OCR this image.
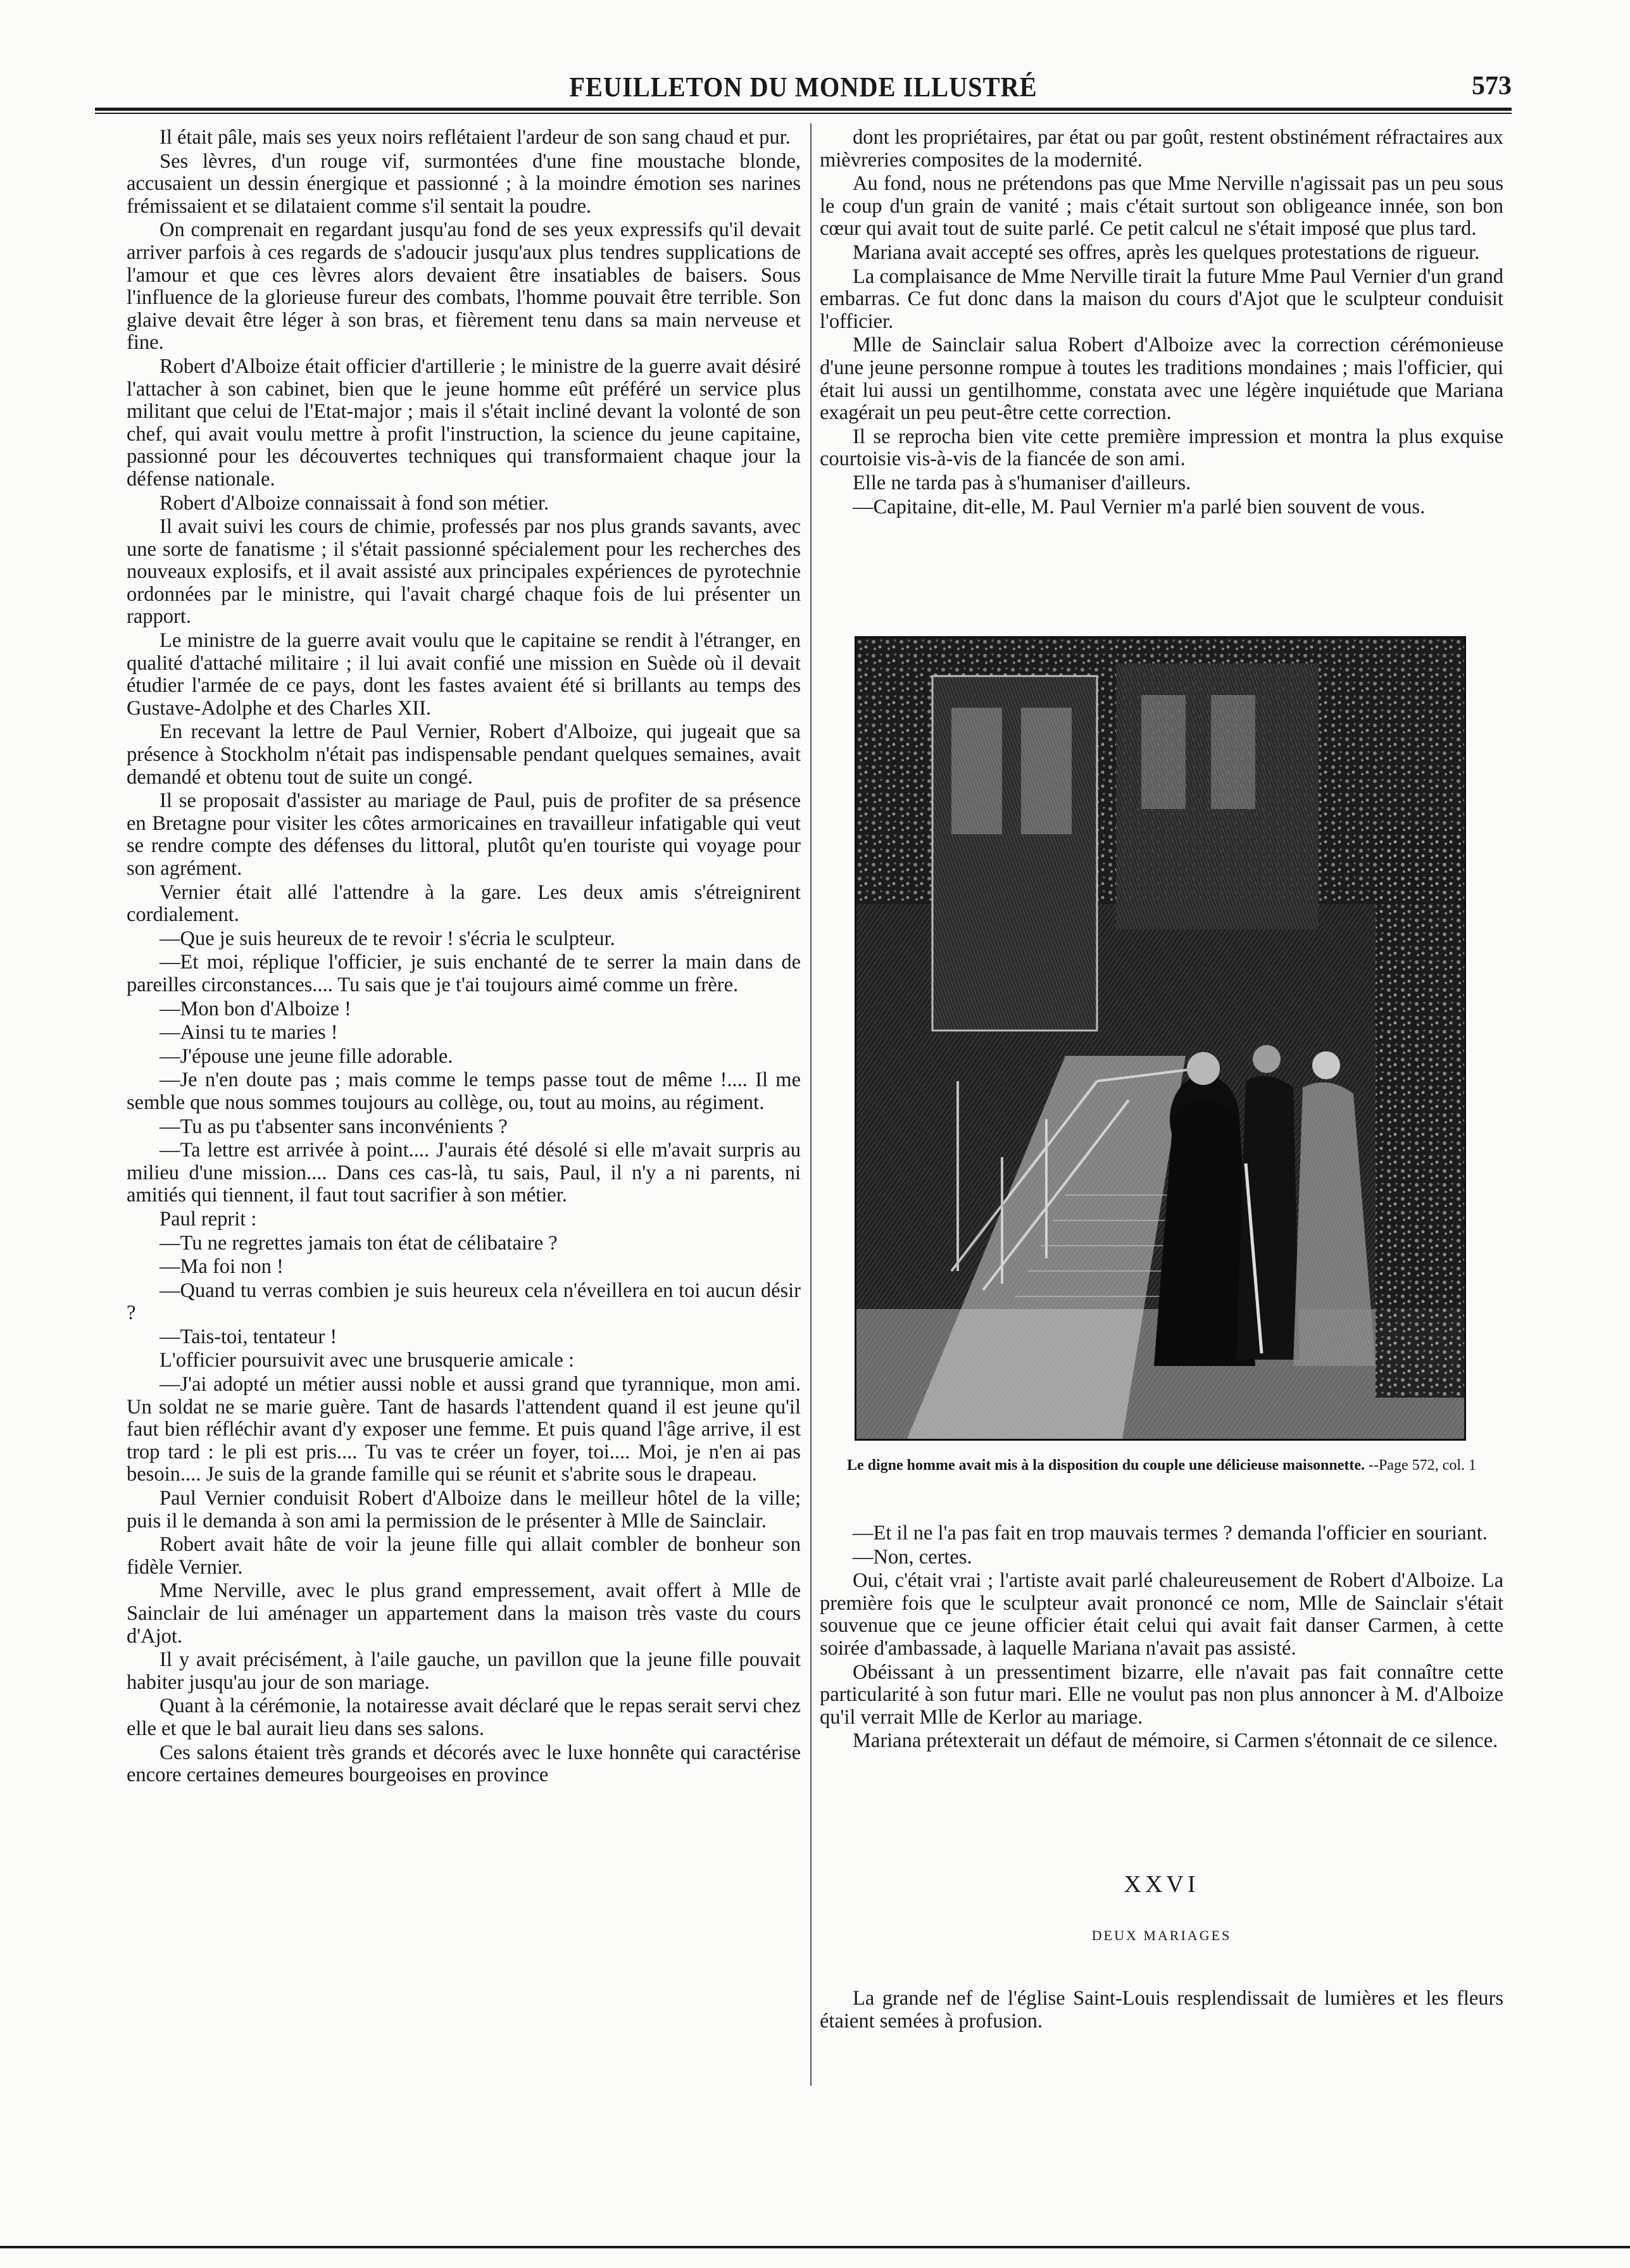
FEUILLETON DU MONDE ILLUSTRÉ	573

Il était pâle, mais ses yeux noirs reflétaient l'ardeur de son sang chaud et pur.

Ses lèvres, d'un rouge vif, surmontées d'une fine moustache blonde, accusaient un dessin énergique et passionné ; à la moindre émotion ses narines frémissaient et se dilataient comme s'il sentait la poudre.

On comprenait en regardant jusqu'au fond de ses yeux expressifs qu'il devait arriver parfois à ces regards de s'adoucir jusqu'aux plus tendres supplications de l'amour et que ces lèvres alors devaient être insatiables de baisers. Sous l'influence de la glorieuse fureur des combats, l'homme pouvait être terrible. Son glaive devait être léger à son bras, et fièrement tenu dans sa main nerveuse et fine.

Robert d'Alboize était officier d'artillerie ; le ministre de la guerre avait désiré l'attacher à son cabinet, bien que le jeune homme eût préféré un service plus militant que celui de l'Etat-major ; mais il s'était incliné devant la volonté de son chef, qui avait voulu mettre à profit l'instruction, la science du jeune capitaine, passionné pour les découvertes techniques qui transformaient chaque jour la défense nationale.

Robert d'Alboize connaissait à fond son métier.

Il avait suivi les cours de chimie, professés par nos plus grands savants, avec une sorte de fanatisme ; il s'était passionné spécialement pour les recherches des nouveaux explosifs, et il avait assisté aux principales expériences de pyrotechnie ordonnées par le ministre, qui l'avait chargé chaque fois de lui présenter un rapport.

Le ministre de la guerre avait voulu que le capitaine se rendit à l'étranger, en qualité d'attaché militaire ; il lui avait confié une mission en Suède où il devait étudier l'armée de ce pays, dont les fastes avaient été si brillants au temps des Gustave-Adolphe et des Charles XII.

En recevant la lettre de Paul Vernier, Robert d'Alboize, qui jugeait que sa présence à Stockholm n'était pas indispensable pendant quelques semaines, avait demandé et obtenu tout de suite un congé.

Il se proposait d'assister au mariage de Paul, puis de profiter de sa présence en Bretagne pour visiter les côtes armoricaines en travailleur infatigable qui veut se rendre compte des défenses du littoral, plutôt qu'en touriste qui voyage pour son agrément.

Vernier était allé l'attendre à la gare. Les deux amis s'étreignirent cordialement.

—Que je suis heureux de te revoir ! s'écria le sculpteur.

—Et moi, réplique l'officier, je suis enchanté de te serrer la main dans de pareilles circonstances.... Tu sais que je t'ai toujours aimé comme un frère.

—Mon bon d'Alboize !

—Ainsi tu te maries !

—J'épouse une jeune fille adorable.

—Je n'en doute pas ; mais comme le temps passe tout de même !.... Il me semble que nous sommes toujours au collège, ou, tout au moins, au régiment.

—Tu as pu t'absenter sans inconvénients ?

—Ta lettre est arrivée à point.... J'aurais été désolé si elle m'avait surpris au milieu d'une mission.... Dans ces cas-là, tu sais, Paul, il n'y a ni parents, ni amitiés qui tiennent, il faut tout sacrifier à son métier.

Paul reprit :

—Tu ne regrettes jamais ton état de célibataire ?

—Ma foi non !

—Quand tu verras combien je suis heureux cela n'éveillera en toi aucun désir ?

—Tais-toi, tentateur !

L'officier poursuivit avec une brusquerie amicale :

—J'ai adopté un métier aussi noble et aussi grand que tyrannique, mon ami. Un soldat ne se marie guère. Tant de hasards l'attendent quand il est jeune qu'il faut bien réfléchir avant d'y exposer une femme. Et puis quand l'âge arrive, il est trop tard : le pli est pris.... Tu vas te créer un foyer, toi.... Moi, je n'en ai pas besoin.... Je suis de la grande famille qui se réunit et s'abrite sous le drapeau.

Paul Vernier conduisit Robert d'Alboize dans le meilleur hôtel de la ville; puis il le demanda à son ami la permission de le présenter à Mlle de Sainclair.

Robert avait hâte de voir la jeune fille qui allait combler de bonheur son fidèle Vernier.

Mme Nerville, avec le plus grand empressement, avait offert à Mlle de Sainclair de lui aménager un appartement dans la maison très vaste du cours d'Ajot.

Il y avait précisément, à l'aile gauche, un pavillon que la jeune fille pouvait habiter jusqu'au jour de son mariage.

Quant à la cérémonie, la notairesse avait déclaré que le repas serait servi chez elle et que le bal aurait lieu dans ses salons.

Ces salons étaient très grands et décorés avec le luxe honnête qui caractérise encore certaines demeures bourgeoises en province

dont les propriétaires, par état ou par goût, restent obstinément réfractaires aux mièvreries composites de la modernité.

Au fond, nous ne prétendons pas que Mme Nerville n'agissait pas un peu sous le coup d'un grain de vanité ; mais c'était surtout son obligeance innée, son bon cœur qui avait tout de suite parlé. Ce petit calcul ne s'était imposé que plus tard.

Mariana avait accepté ses offres, après les quelques protestations de rigueur.

La complaisance de Mme Nerville tirait la future Mme Paul Vernier d'un grand embarras. Ce fut donc dans la maison du cours d'Ajot que le sculpteur conduisit l'officier.

Mlle de Sainclair salua Robert d'Alboize avec la correction cérémonieuse d'une jeune personne rompue à toutes les traditions mondaines ; mais l'officier, qui était lui aussi un gentilhomme, constata avec une légère inquiétude que Mariana exagérait un peu peut-être cette correction.

Il se reprocha bien vite cette première impression et montra la plus exquise courtoisie vis-à-vis de la fiancée de son ami.

Elle ne tarda pas à s'humaniser d'ailleurs.

—Capitaine, dit-elle, M. Paul Vernier m'a parlé bien souvent de vous.

Le digne homme avait mis à la disposition du couple une délicieuse maisonnette. --Page 572, col. 1

—Et il ne l'a pas fait en trop mauvais termes ? demanda l'officier en souriant.

—Non, certes.

Oui, c'était vrai ; l'artiste avait parlé chaleureusement de Robert d'Alboize. La première fois que le sculpteur avait prononcé ce nom, Mlle de Sainclair s'était souvenue que ce jeune officier était celui qui avait fait danser Carmen, à cette soirée d'ambassade, à laquelle Mariana n'avait pas assisté.

Obéissant à un pressentiment bizarre, elle n'avait pas fait connaître cette particularité à son futur mari. Elle ne voulut pas non plus annoncer à M. d'Alboize qu'il verrait Mlle de Kerlor au mariage.

Mariana prétexterait un défaut de mémoire, si Carmen s'étonnait de ce silence.

XXVI
DEUX MARIAGES

La grande nef de l'église Saint-Louis resplendissait de lumières et les fleurs étaient semées à profusion.
